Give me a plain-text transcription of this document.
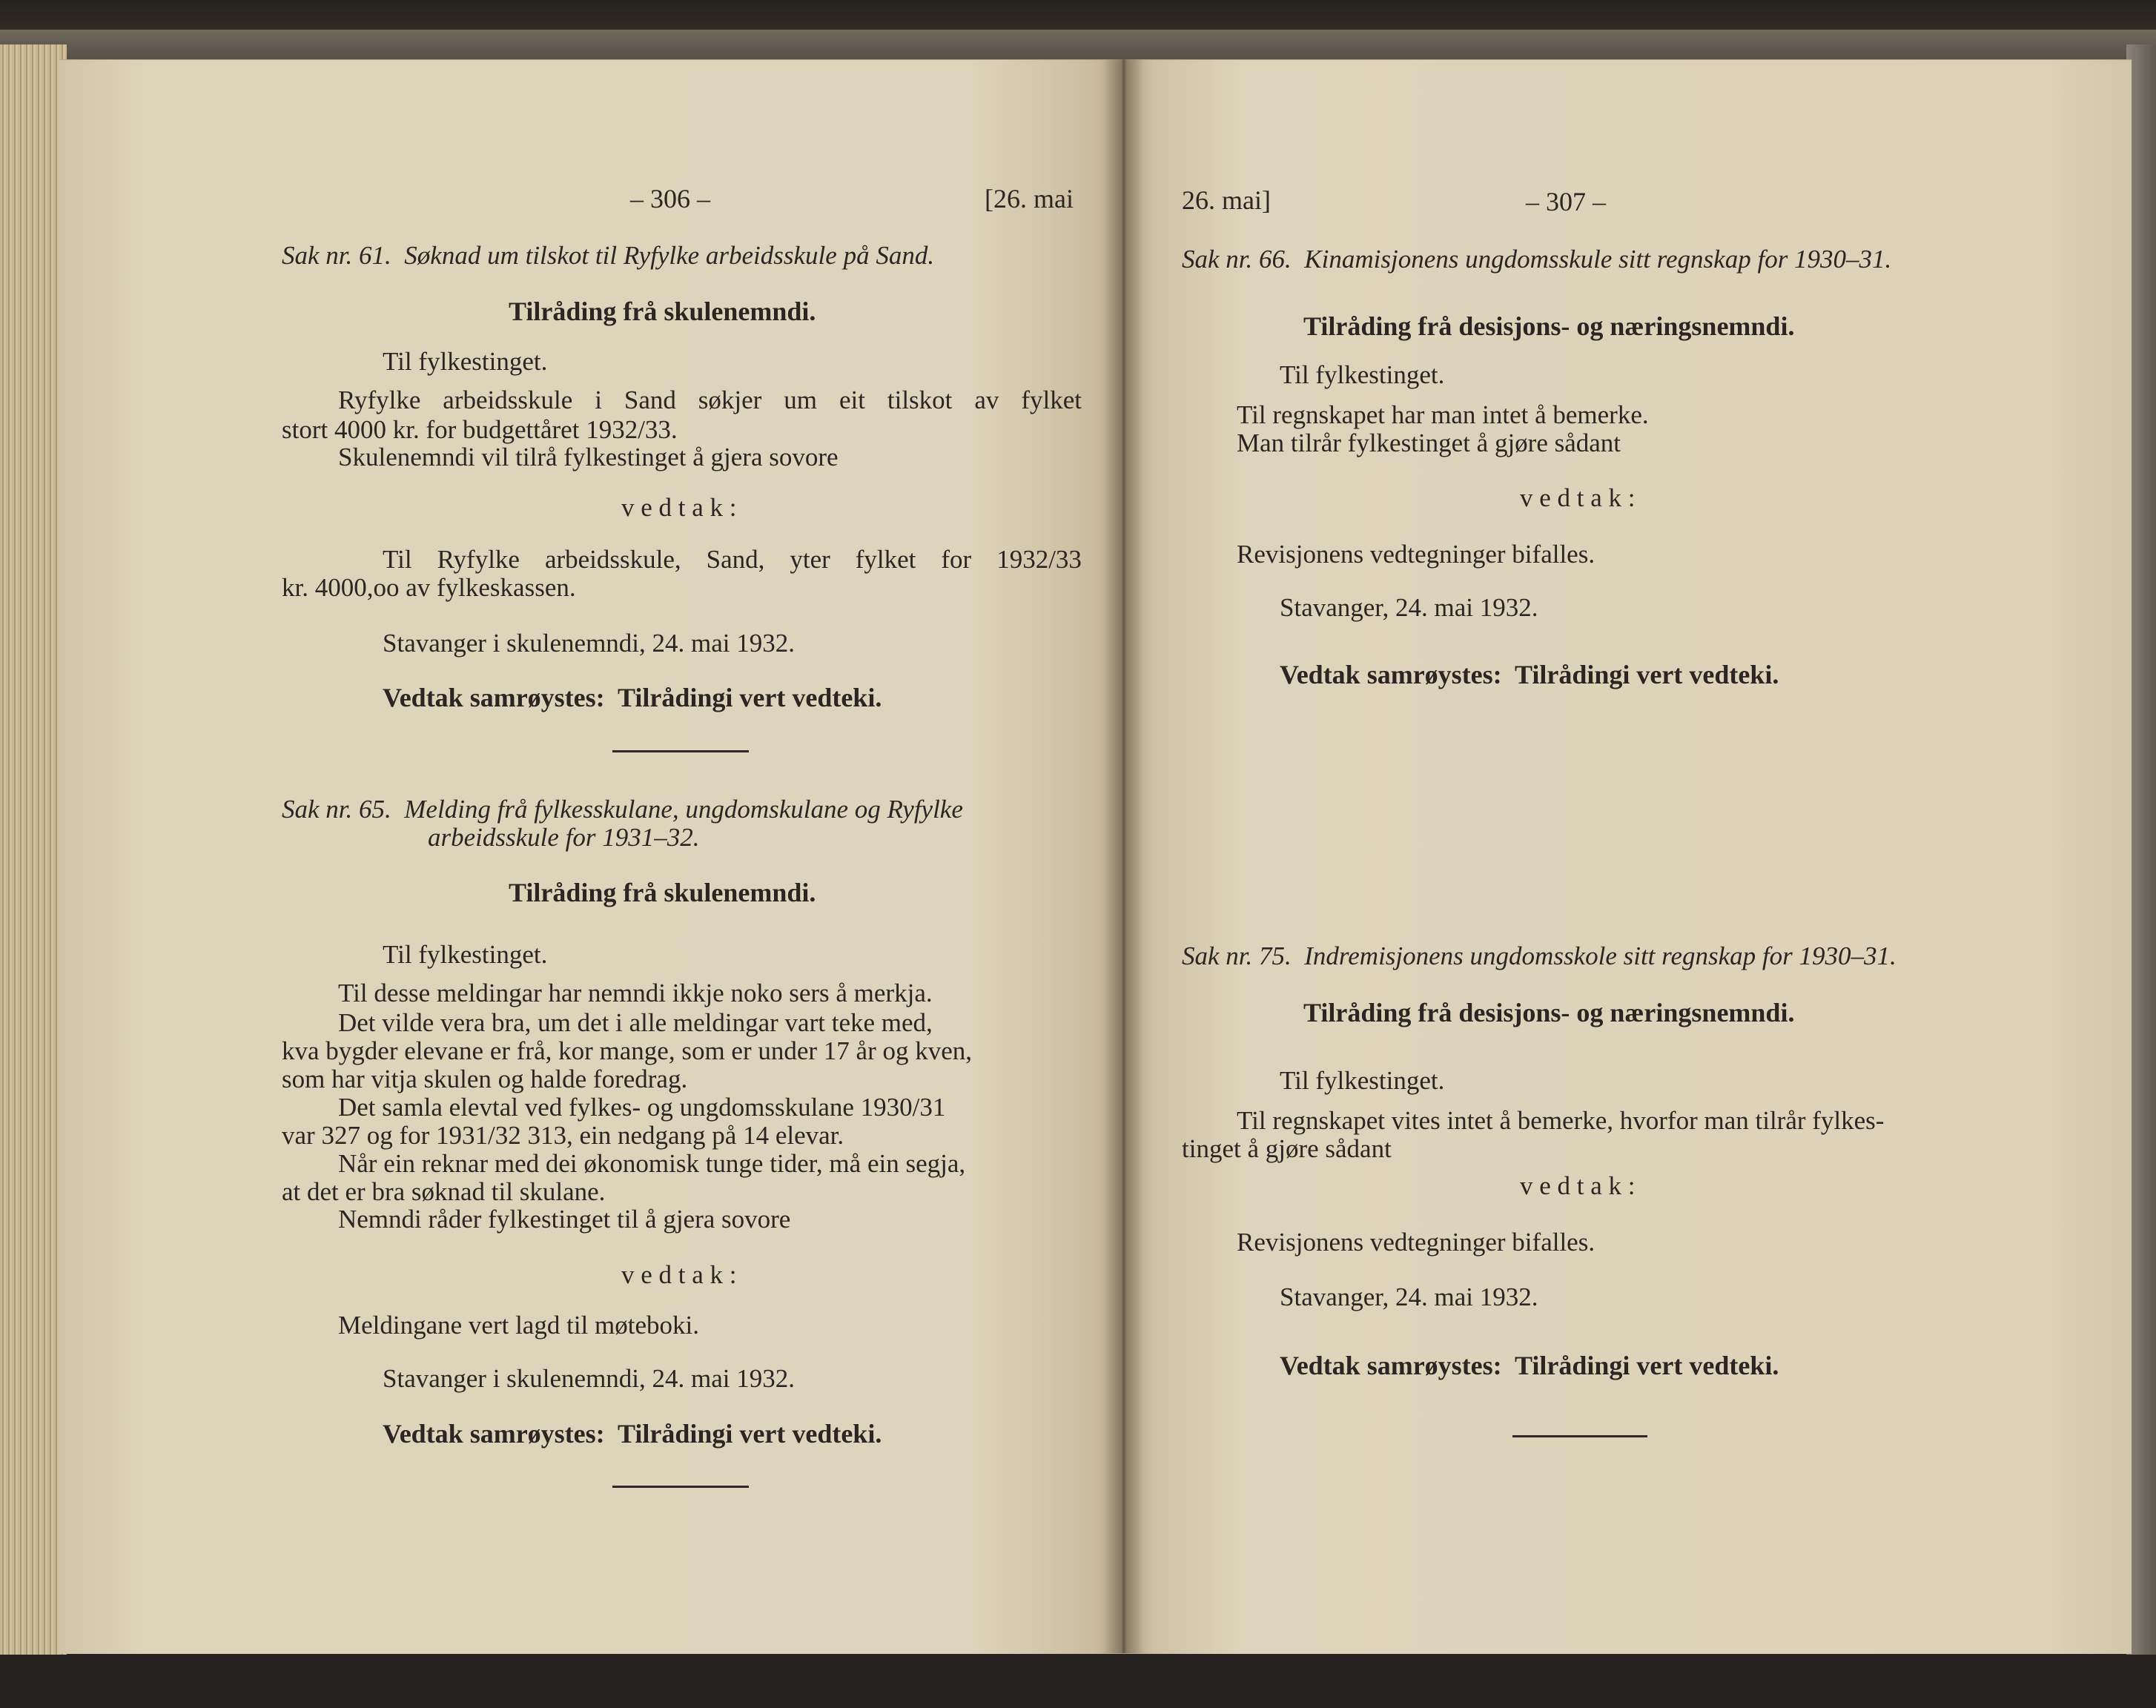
– 306 –	[26. mai
Sak nr. 61. Søknad um tilskot til Ryfylke arbeidsskule på Sand.
Tilråding frå skulenemndi.
Til fylkestinget.
Ryfylke arbeidsskule i Sand søkjer um eit tilskot av fylket
stort 4000 kr. for budgettåret 1932/33.
Skulenemndi vil tilrå fylkestinget å gjera sovore
v e d t a k :
Til Ryfylke arbeidsskule, Sand, yter fylket for 1932/33
kr. 4000,oo av fylkeskassen.
Stavanger i skulenemndi, 24. mai 1932.
Vedtak samrøystes:  Tilrådingi vert vedteki.
Sak nr. 65. Melding frå fylkesskulane, ungdomskulane og Ryfylke
arbeidsskule for 1931–32.
Tilråding frå skulenemndi.
Til fylkestinget.
Til desse meldingar har nemndi ikkje noko sers å merkja.
Det vilde vera bra, um det i alle meldingar vart teke med,
kva bygder elevane er frå, kor mange, som er under 17 år og kven,
som har vitja skulen og halde foredrag.
Det samla elevtal ved fylkes- og ungdomsskulane 1930/31
var 327 og for 1931/32 313, ein nedgang på 14 elevar.
Når ein reknar med dei økonomisk tunge tider, må ein segja,
at det er bra søknad til skulane.
Nemndi råder fylkestinget til å gjera sovore
v e d t a k :
Meldingane vert lagd til møteboki.
Stavanger i skulenemndi, 24. mai 1932.
Vedtak samrøystes:  Tilrådingi vert vedteki.
26. mai]	– 307 –
Sak nr. 66. Kinamisjonens ungdomsskule sitt regnskap for 1930–31.
Tilråding frå desisjons- og næringsnemndi.
Til fylkestinget.
Til regnskapet har man intet å bemerke.
Man tilrår fylkestinget å gjøre sådant
v e d t a k :
Revisjonens vedtegninger bifalles.
Stavanger, 24. mai 1932.
Vedtak samrøystes:  Tilrådingi vert vedteki.
Sak nr. 75. Indremisjonens ungdomsskole sitt regnskap for 1930–31.
Tilråding frå desisjons- og næringsnemndi.
Til fylkestinget.
Til regnskapet vites intet å bemerke, hvorfor man tilrår fylkes-
tinget å gjøre sådant
v e d t a k :
Revisjonens vedtegninger bifalles.
Stavanger, 24. mai 1932.
Vedtak samrøystes:  Tilrådingi vert vedteki.
